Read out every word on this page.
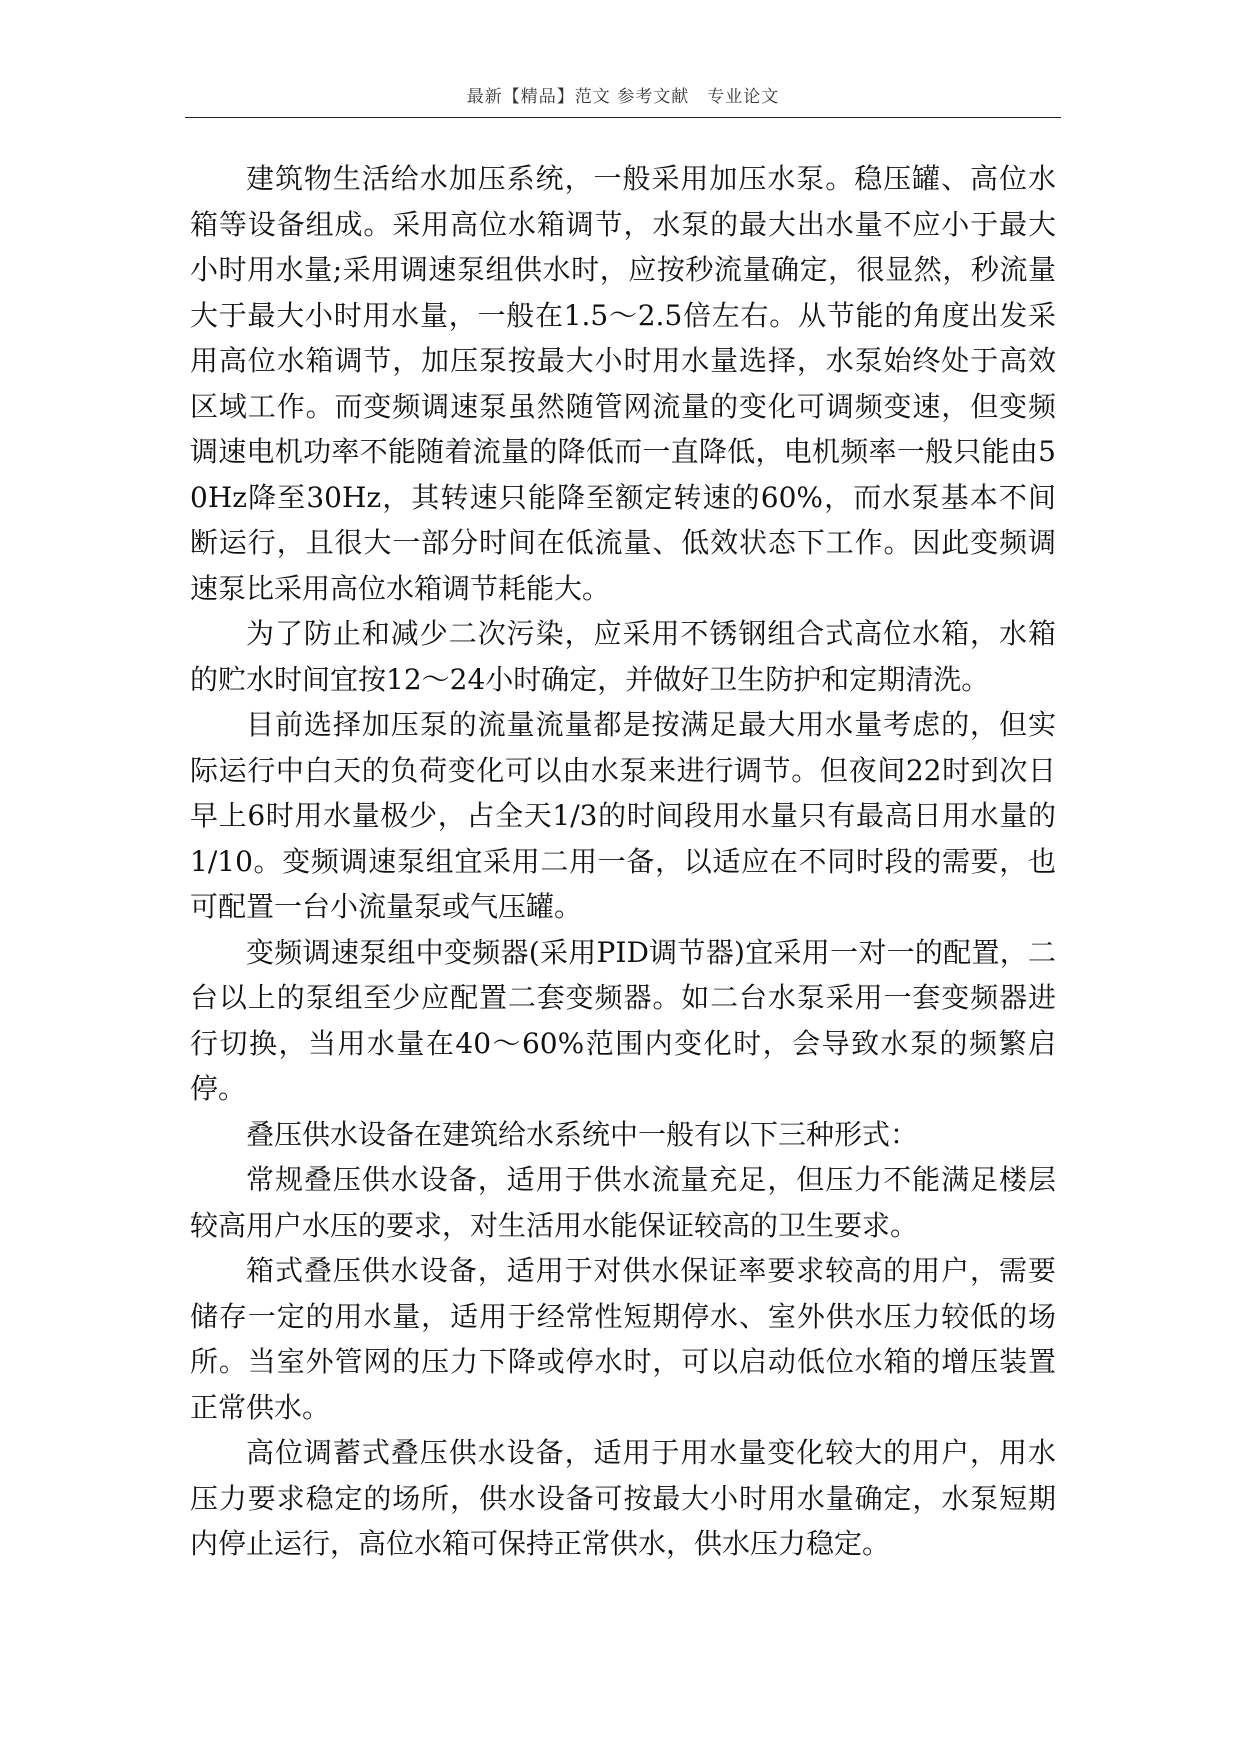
最新【精品】范文 参考文献　专业论文

建筑物生活给水加压系统，一般采用加压水泵。稳压罐、高位水箱等设备组成。采用高位水箱调节，水泵的最大出水量不应小于最大小时用水量;采用调速泵组供水时，应按秒流量确定，很显然，秒流量大于最大小时用水量，一般在1.5～2.5倍左右。从节能的角度出发采用高位水箱调节，加压泵按最大小时用水量选择，水泵始终处于高效区域工作。而变频调速泵虽然随管网流量的变化可调频变速，但变频调速电机功率不能随着流量的降低而一直降低，电机频率一般只能由50Hz降至30Hz，其转速只能降至额定转速的60%，而水泵基本不间断运行，且很大一部分时间在低流量、低效状态下工作。因此变频调速泵比采用高位水箱调节耗能大。

为了防止和减少二次污染，应采用不锈钢组合式高位水箱，水箱的贮水时间宜按12～24小时确定，并做好卫生防护和定期清洗。

目前选择加压泵的流量流量都是按满足最大用水量考虑的，但实际运行中白天的负荷变化可以由水泵来进行调节。但夜间22时到次日早上6时用水量极少，占全天1/3的时间段用水量只有最高日用水量的1/10。变频调速泵组宜采用二用一备，以适应在不同时段的需要，也可配置一台小流量泵或气压罐。

变频调速泵组中变频器(采用PID调节器)宜采用一对一的配置，二台以上的泵组至少应配置二套变频器。如二台水泵采用一套变频器进行切换，当用水量在40～60%范围内变化时，会导致水泵的频繁启停。

叠压供水设备在建筑给水系统中一般有以下三种形式：

常规叠压供水设备，适用于供水流量充足，但压力不能满足楼层较高用户水压的要求，对生活用水能保证较高的卫生要求。

箱式叠压供水设备，适用于对供水保证率要求较高的用户，需要储存一定的用水量，适用于经常性短期停水、室外供水压力较低的场所。当室外管网的压力下降或停水时，可以启动低位水箱的增压装置正常供水。

高位调蓄式叠压供水设备，适用于用水量变化较大的用户，用水压力要求稳定的场所，供水设备可按最大小时用水量确定，水泵短期内停止运行，高位水箱可保持正常供水，供水压力稳定。
